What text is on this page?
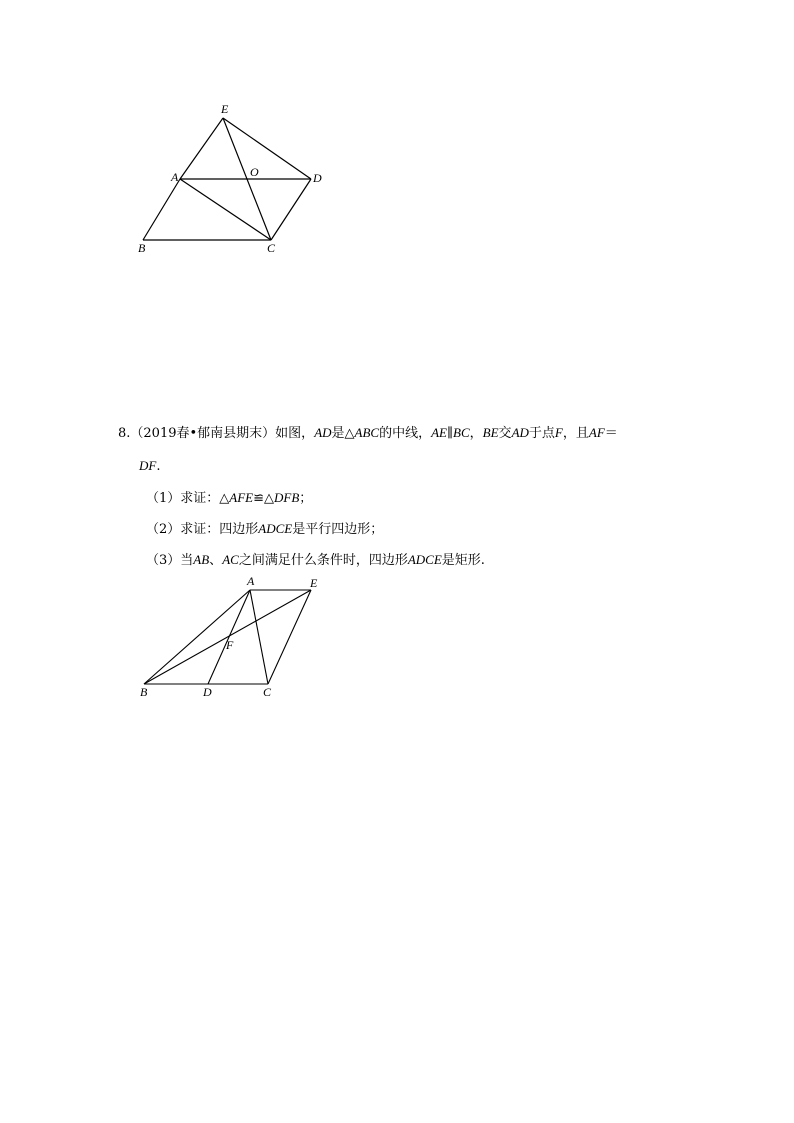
E
A	O	D
B	C
8.（2019春•郁南县期末）如图，AD是△ABC的中线，AE∥BC，BE交AD于点F，且AF＝
DF.
（1）求证：△AFE≌△DFB；
（2）求证：四边形ADCE是平行四边形；
（3）当AB、AC之间满足什么条件时，四边形ADCE是矩形.
A	E
F
B	D	C
